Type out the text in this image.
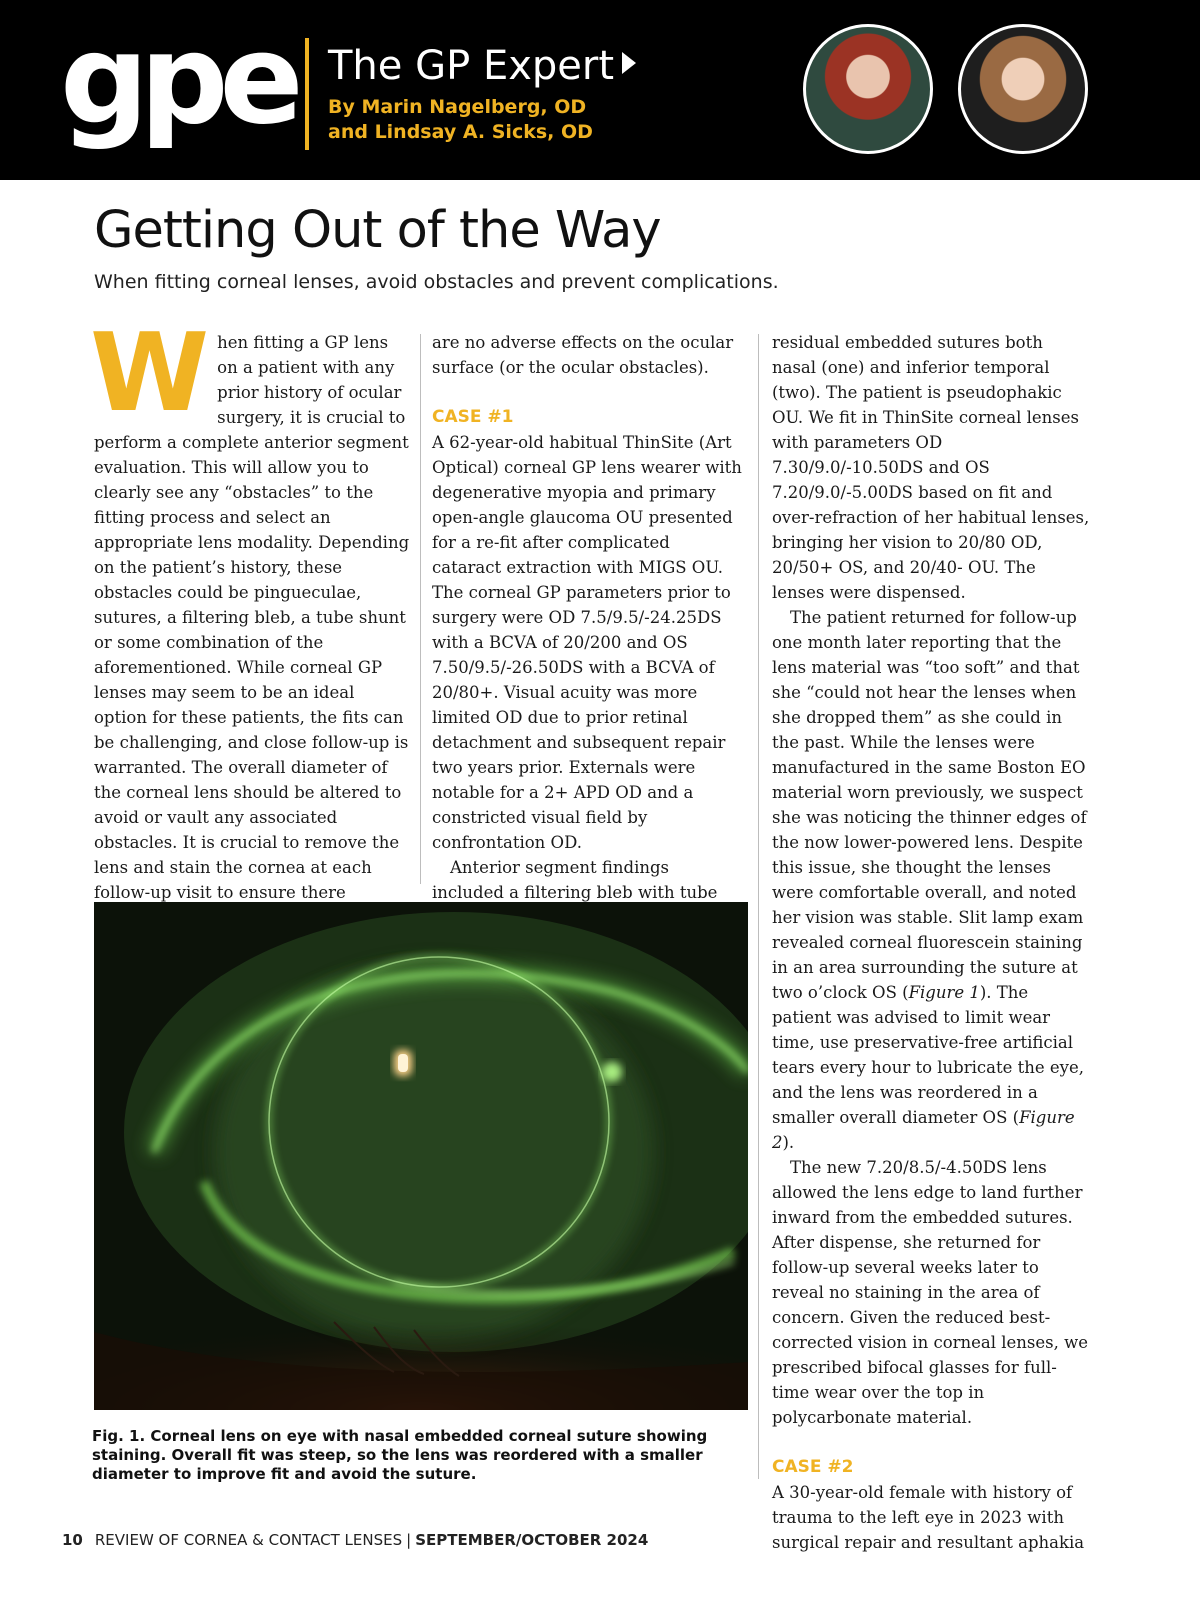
gpe The GP Expert
By Marin Nagelberg, OD
and Lindsay A. Sicks, OD
Getting Out of the Way
When fitting corneal lenses, avoid obstacles and prevent complications.

When fitting a GP lens on a patient with any prior history of ocular surgery, it is crucial to perform a complete anterior segment evaluation. This will allow you to clearly see any “obstacles” to the fitting process and select an appropriate lens modality. Depending on the patient’s history, these obstacles could be pingueculae, sutures, a filtering bleb, a tube shunt or some combination of the aforementioned. While corneal GP lenses may seem to be an ideal option for these patients, the fits can be challenging, and close follow-up is warranted. The overall diameter of the corneal lens should be altered to avoid or vault any associated obstacles. It is crucial to remove the lens and stain the cornea at each follow-up visit to ensure there

are no adverse effects on the ocular surface (or the ocular obstacles).

CASE #1

A 62-year-old habitual ThinSite (Art Optical) corneal GP lens wearer with degenerative myopia and primary open-angle glaucoma OU presented for a re-fit after complicated cataract extraction with MIGS OU. The corneal GP parameters prior to surgery were OD 7.5/9.5/-24.25DS with a BCVA of 20/200 and OS 7.50/9.5/-26.50DS with a BCVA of 20/80+. Visual acuity was more limited OD due to prior retinal detachment and subsequent repair two years prior. Externals were notable for a 2+ APD OD and a constricted visual field by confrontation OD.

Anterior segment findings included a filtering bleb with tube

residual embedded sutures both nasal (one) and inferior temporal (two). The patient is pseudophakic OU. We fit in ThinSite corneal lenses with parameters OD 7.30/9.0/-10.50DS and OS 7.20/9.0/-5.00DS based on fit and over-refraction of her habitual lenses, bringing her vision to 20/80 OD, 20/50+ OS, and 20/40- OU. The lenses were dispensed.

The patient returned for follow-up one month later reporting that the lens material was “too soft” and that she “could not hear the lenses when she dropped them” as she could in the past. While the lenses were manufactured in the same Boston EO material worn previously, we suspect she was noticing the thinner edges of the now lower-powered lens. Despite this issue, she thought the lenses were comfortable overall, and noted her vision was stable. Slit lamp exam revealed corneal fluorescein staining in an area surrounding the suture at two o’clock OS (Figure 1). The patient was advised to limit wear time, use preservative-free artificial tears every hour to lubricate the eye, and the lens was reordered in a smaller overall diameter OS (Figure 2).

The new 7.20/8.5/-4.50DS lens allowed the lens edge to land further inward from the embedded sutures. After dispense, she returned for follow-up several weeks later to reveal no staining in the area of concern. Given the reduced best-corrected vision in corneal lenses, we prescribed bifocal glasses for full-time wear over the top in polycarbonate material.

CASE #2

A 30-year-old female with history of trauma to the left eye in 2023 with surgical repair and resultant aphakia

Fig. 1. Corneal lens on eye with nasal embedded corneal suture showing staining. Overall fit was steep, so the lens was reordered with a smaller diameter to improve fit and avoid the suture.
10 REVIEW OF CORNEA & CONTACT LENSES | SEPTEMBER/OCTOBER 2024
